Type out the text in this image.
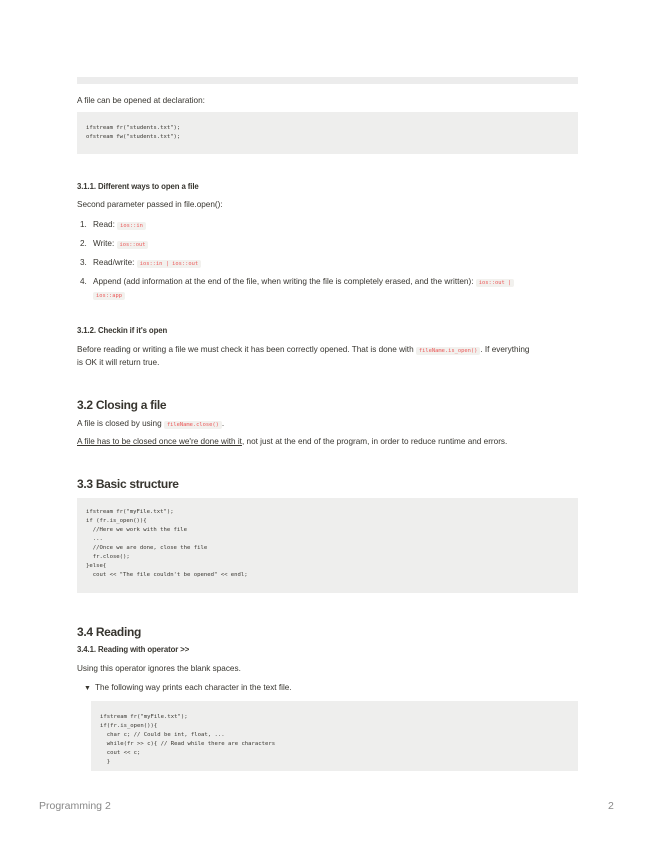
A file can be opened at declaration:

ifstream fr("students.txt");
ofstream fw("students.txt");

3.1.1. Different ways to open a file

Second parameter passed in file.open():

1. Read: ios::in

2. Write: ios::out

3. Read/write: ios::in | ios::out

4. Append (add information at the end of the file, when writing the file is completely erased, and the written): ios::out |

ios::app

3.1.2. Checkin if it's open

Before reading or writing a file we must check it has been correctly opened. That is done with fileName.is_open() . If everything

is OK it will return true.

3.2 Closing a file

A file is closed by using fileName.close() .

A file has to be closed once we're done with it, not just at the end of the program, in order to reduce runtime and errors.

3.3 Basic structure

ifstream fr("myFile.txt");
if (fr.is_open()){
//Here we work with the file
...
//Once we are done, close the file
fr.close();
}else{
cout << "The file couldn't be opened" << endl;

3.4 Reading

3.4.1. Reading with operator >>

Using this operator ignores the blank spaces.

▼ The following way prints each character in the text file.
ifstream fr("myFile.txt");
if(fr.is_open()){
char c; // Could be int, float, ...
while(fr >> c){ // Read while there are characters
cout << c;
}
Programming 2	2
